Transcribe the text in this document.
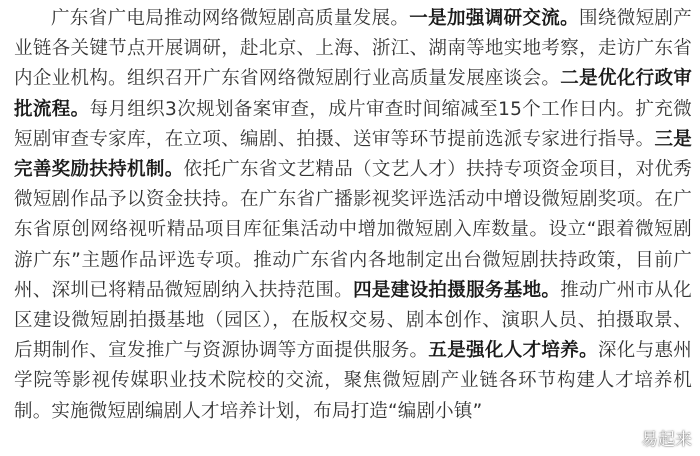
广东省广电局推动网络微短剧高质量发展。一是加强调研交流。围绕微短剧产业链各关键节点开展调研，赴北京、上海、浙江、湖南等地实地考察，走访广东省内企业机构。组织召开广东省网络微短剧行业高质量发展座谈会。二是优化行政审批流程。每月组织3次规划备案审查，成片审查时间缩减至15个工作日内。扩充微短剧审查专家库，在立项、编剧、拍摄、送审等环节提前选派专家进行指导。三是完善奖励扶持机制。依托广东省文艺精品（文艺人才）扶持专项资金项目，对优秀微短剧作品予以资金扶持。在广东省广播影视奖评选活动中增设微短剧奖项。在广东省原创网络视听精品项目库征集活动中增加微短剧入库数量。设立“跟着微短剧游广东”主题作品评选专项。推动广东省内各地制定出台微短剧扶持政策，目前广州、深圳已将精品微短剧纳入扶持范围。四是建设拍摄服务基地。推动广州市从化区建设微短剧拍摄基地（园区），在版权交易、剧本创作、演职人员、拍摄取景、后期制作、宣发推广与资源协调等方面提供服务。五是强化人才培养。深化与惠州学院等影视传媒职业技术院校的交流，聚焦微短剧产业链各环节构建人才培养机制。实施微短剧编剧人才培养计划，布局打造“编剧小镇”

易起来
